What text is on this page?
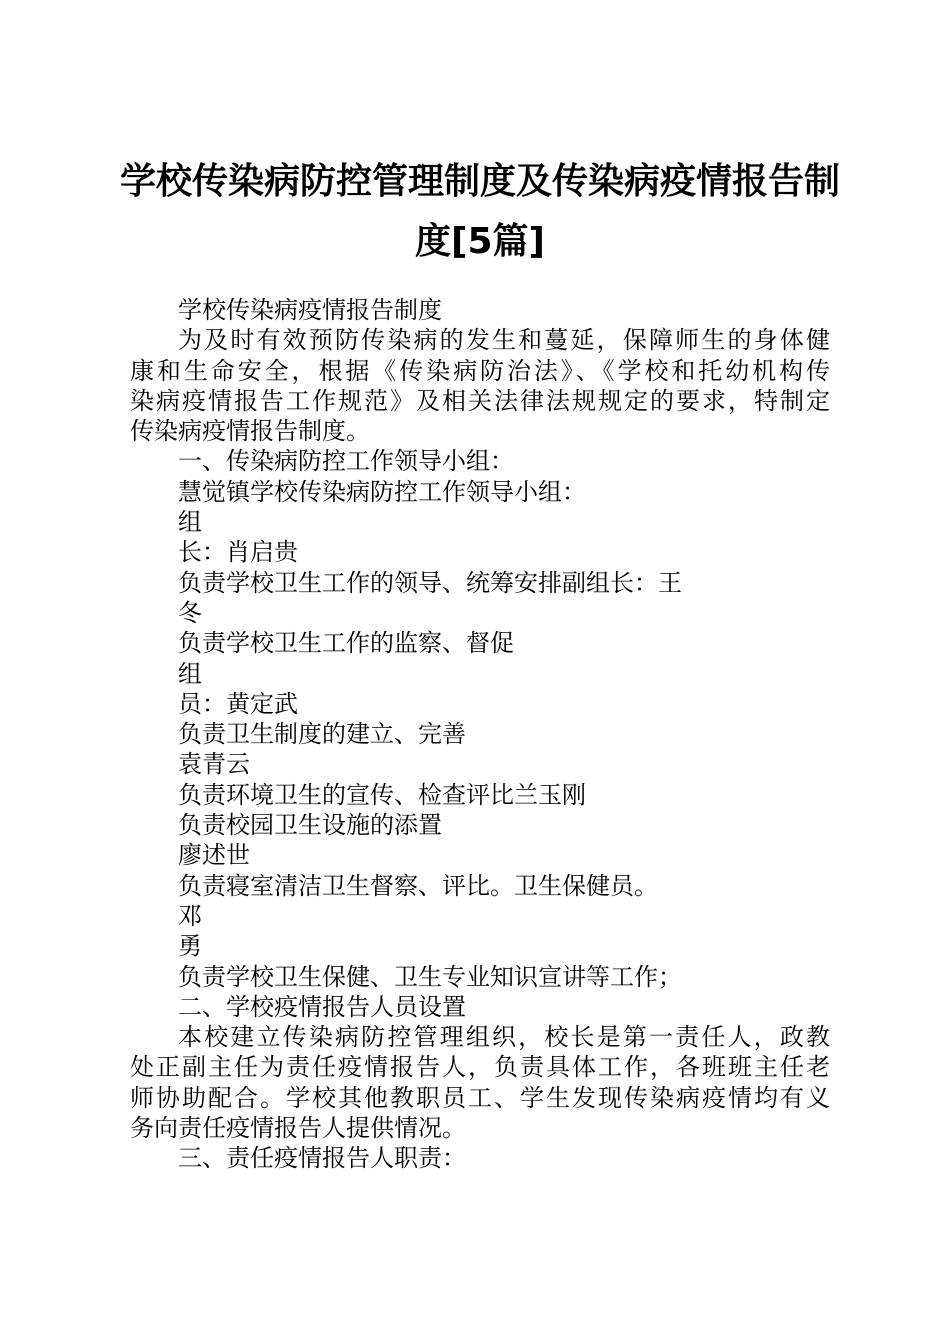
学校传染病防控管理制度及传染病疫情报告制
度[5篇]
学校传染病疫情报告制度
为及时有效预防传染病的发生和蔓延，保障师生的身体健
康和生命安全，根据《传染病防治法》、《学校和托幼机构传
染病疫情报告工作规范》及相关法律法规规定的要求，特制定
传染病疫情报告制度。
一、传染病防控工作领导小组：
慧觉镇学校传染病防控工作领导小组：
组
长：肖启贵
负责学校卫生工作的领导、统筹安排副组长：王
冬
负责学校卫生工作的监察、督促
组
员：黄定武
负责卫生制度的建立、完善
袁青云
负责环境卫生的宣传、检查评比兰玉刚
负责校园卫生设施的添置
廖述世
负责寝室清洁卫生督察、评比。卫生保健员。
邓
勇
负责学校卫生保健、卫生专业知识宣讲等工作；
二、学校疫情报告人员设置
本校建立传染病防控管理组织，校长是第一责任人，政教
处正副主任为责任疫情报告人，负责具体工作，各班班主任老
师协助配合。学校其他教职员工、学生发现传染病疫情均有义
务向责任疫情报告人提供情况。
三、责任疫情报告人职责：
